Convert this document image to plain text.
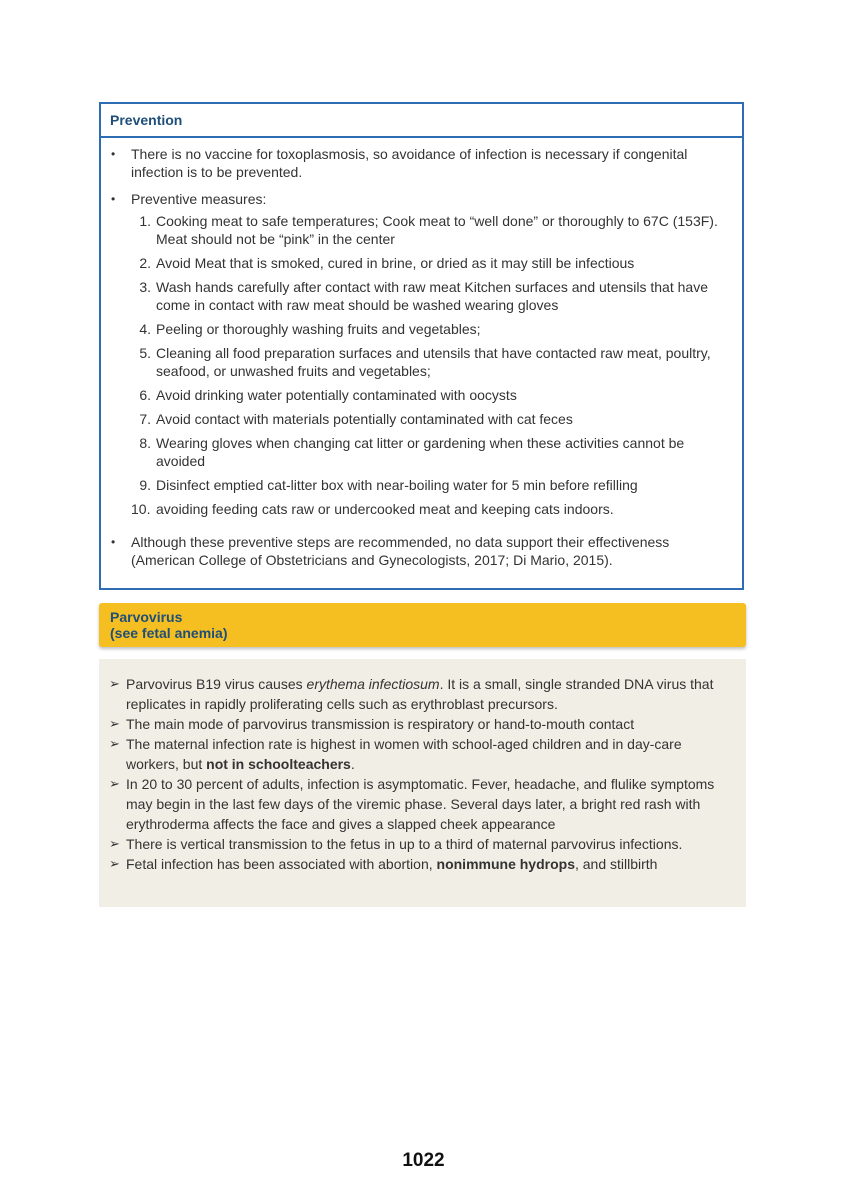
Prevention
•	There is no vaccine for toxoplasmosis, so avoidance of infection is necessary if congenital infection is to be prevented.
•	Preventive measures:
1. Cooking meat to safe temperatures; Cook meat to “well done” or thoroughly to 67C (153F). Meat should not be “pink” in the center
2. Avoid Meat that is smoked, cured in brine, or dried as it may still be infectious
3. Wash hands carefully after contact with raw meat Kitchen surfaces and utensils that have come in contact with raw meat should be washed wearing gloves
4. Peeling or thoroughly washing fruits and vegetables;
5. Cleaning all food preparation surfaces and utensils that have contacted raw meat, poultry, seafood, or unwashed fruits and vegetables;
6. Avoid drinking water potentially contaminated with oocysts
7. Avoid contact with materials potentially contaminated with cat feces
8. Wearing gloves when changing cat litter or gardening when these activities cannot be avoided
9. Disinfect emptied cat-litter box with near-boiling water for 5 min before refilling
10. avoiding feeding cats raw or undercooked meat and keeping cats indoors.
•	Although these preventive steps are recommended, no data support their effectiveness (American College of Obstetricians and Gynecologists, 2017; Di Mario, 2015).
Parvovirus
(see fetal anemia)
➢ Parvovirus B19 virus causes erythema infectiosum. It is a small, single stranded DNA virus that replicates in rapidly proliferating cells such as erythroblast precursors.
➢ The main mode of parvovirus transmission is respiratory or hand-to-mouth contact
➢ The maternal infection rate is highest in women with school-aged children and in day-care workers, but not in schoolteachers.
➢ In 20 to 30 percent of adults, infection is asymptomatic. Fever, headache, and flulike symptoms may begin in the last few days of the viremic phase. Several days later, a bright red rash with erythroderma affects the face and gives a slapped cheek appearance
➢ There is vertical transmission to the fetus in up to a third of maternal parvovirus infections.
➢ Fetal infection has been associated with abortion, nonimmune hydrops, and stillbirth
1022
